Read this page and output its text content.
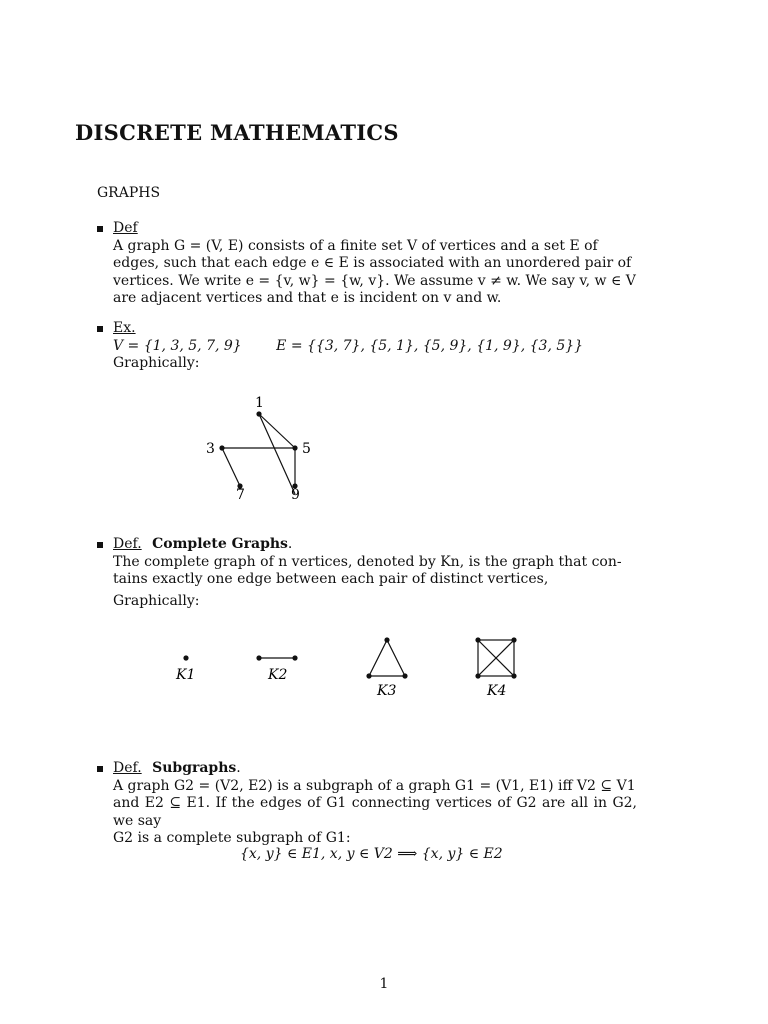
DISCRETE MATHEMATICS
GRAPHS
Def
A graph G = (V, E) consists of a finite set V of vertices and a set E of
edges, such that each edge e ∈ E is associated with an unordered pair of
vertices. We write e = {v, w} = {w, v}. We assume v ≠ w. We say v, w ∈ V
are adjacent vertices and that e is incident on v and w.
Ex.
V = {1, 3, 5, 7, 9} E = {{3, 7}, {5, 1}, {5, 9}, {1, 9}, {3, 5}}
Graphically:
1
3	5
7	9
Def. Complete Graphs.
The complete graph of n vertices, denoted by Kn, is the graph that con-
tains exactly one edge between each pair of distinct vertices,
Graphically:
K1	K2
K3	K4
Def. Subgraphs.
A graph G2 = (V2, E2) is a subgraph of a graph G1 = (V1, E1) iff V2 ⊆ V1
and E2 ⊆ E1. If the edges of G1 connecting vertices of G2 are all in G2, we say
G2 is a complete subgraph of G1:
{x, y} ∈ E1, x, y ∈ V2 ⟹ {x, y} ∈ E2
1
